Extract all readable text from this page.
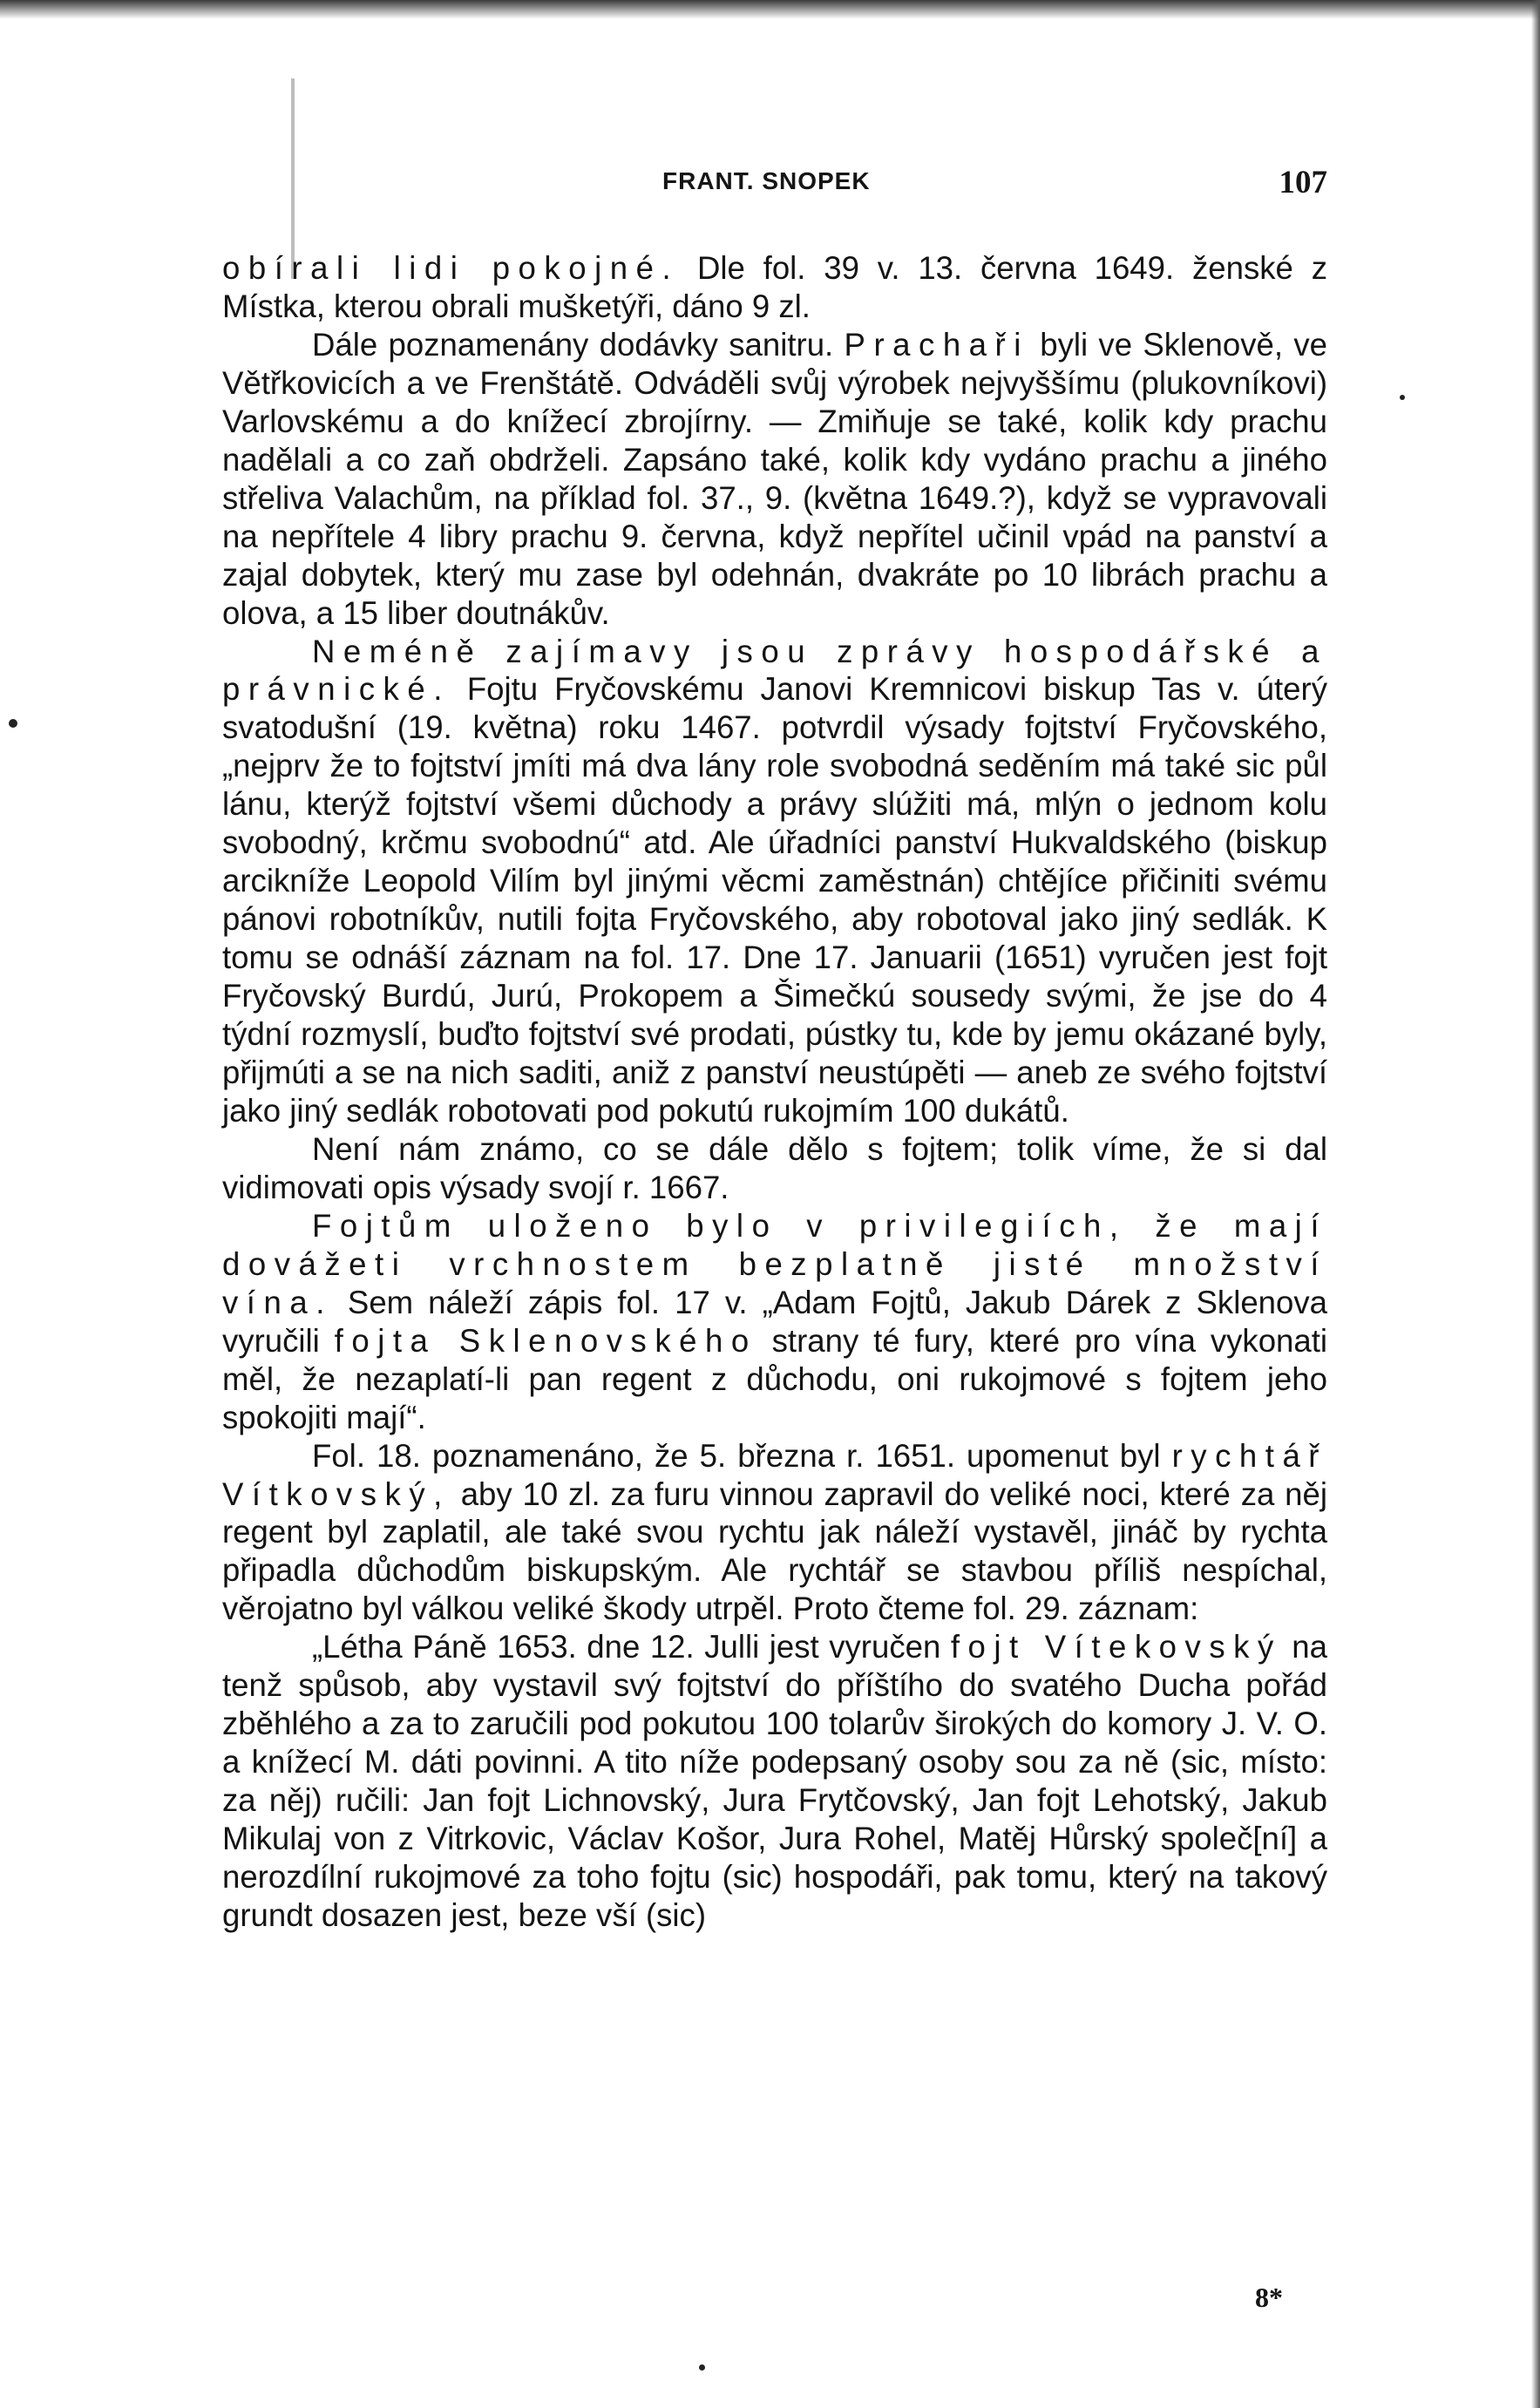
FRANT. SNOPEK	107

obírali lidi pokojné. Dle fol. 39 v. 13. června 1649. ženské z Místka, kterou obrali mušketýři, dáno 9 zl.

Dále poznamenány dodávky sanitru. Prachaři byli ve Sklenově, ve Větřkovicích a ve Frenštátě. Odváděli svůj výrobek nejvyššímu (plukovníkovi) Varlovskému a do knížecí zbrojírny. — Zmiňuje se také, kolik kdy prachu nadělali a co zaň obdrželi. Zapsáno také, kolik kdy vydáno prachu a jiného střeliva Valachům, na příklad fol. 37., 9. (května 1649.?), když se vypravovali na nepřítele 4 libry prachu 9. června, když nepřítel učinil vpád na panství a zajal dobytek, který mu zase byl odehnán, dvakráte po 10 librách prachu a olova, a 15 liber doutnákův.

Neméně zajímavy jsou zprávy hospodářské a právnické. Fojtu Fryčovskému Janovi Kremnicovi biskup Tas v. úterý svatodušní (19. května) roku 1467. potvrdil výsady fojtství Fryčovského, „nejprv že to fojtství jmíti má dva lány role svobodná seděním má také sic půl lánu, kterýž fojtství všemi důchody a právy slúžiti má, mlýn o jednom kolu svobodný, krčmu svobodnú“ atd. Ale úřadníci panství Hukvaldského (biskup arcikníže Leopold Vilím byl jinými věcmi zaměstnán) chtějíce přičiniti svému pánovi robotníkův, nutili fojta Fryčovského, aby robotoval jako jiný sedlák. K tomu se odnáší záznam na fol. 17. Dne 17. Januarii (1651) vyručen jest fojt Fryčovský Burdú, Jurú, Prokopem a Šimečkú sousedy svými, že jse do 4 týdní rozmyslí, buďto fojtství své prodati, pústky tu, kde by jemu okázané byly, přijmúti a se na nich saditi, aniž z panství neustúpěti — aneb ze svého fojtství jako jiný sedlák robotovati pod pokutú rukojmím 100 dukátů.

Není nám známo, co se dále dělo s fojtem; tolik víme, že si dal vidimovati opis výsady svojí r. 1667.

Fojtům uloženo bylo v privilegiích, že mají dovážeti vrchnostem bezplatně jisté množství vína. Sem náleží zápis fol. 17 v. „Adam Fojtů, Jakub Dárek z Sklenova vyručili fojta Sklenovského strany té fury, které pro vína vykonati měl, že nezaplatí-li pan regent z důchodu, oni rukojmové s fojtem jeho spokojiti mají“.

Fol. 18. poznamenáno, že 5. března r. 1651. upomenut byl rychtář Vítkovský, aby 10 zl. za furu vinnou zapravil do veliké noci, které za něj regent byl zaplatil, ale také svou rychtu jak náleží vystavěl, jináč by rychta připadla důchodům biskupským. Ale rychtář se stavbou příliš nespíchal, věrojatno byl válkou veliké škody utrpěl. Proto čteme fol. 29. záznam:

„Létha Páně 1653. dne 12. Julli jest vyručen fojt Vítekovský na tenž spůsob, aby vystavil svý fojtství do příštího do svatého Ducha pořád zběhlého a za to zaručili pod pokutou 100 tolarův širokých do komory J. V. O. a knížecí M. dáti povinni. A tito níže podepsaný osoby sou za ně (sic, místo: za něj) ručili: Jan fojt Lichnovský, Jura Frytčovský, Jan fojt Lehotský, Jakub Mikulaj von z Vitrkovic, Václav Košor, Jura Rohel, Matěj Hůrský společ[ní] a nerozdílní rukojmové za toho fojtu (sic) hospodáři, pak tomu, který na takový grundt dosazen jest, beze vší (sic)

8*
